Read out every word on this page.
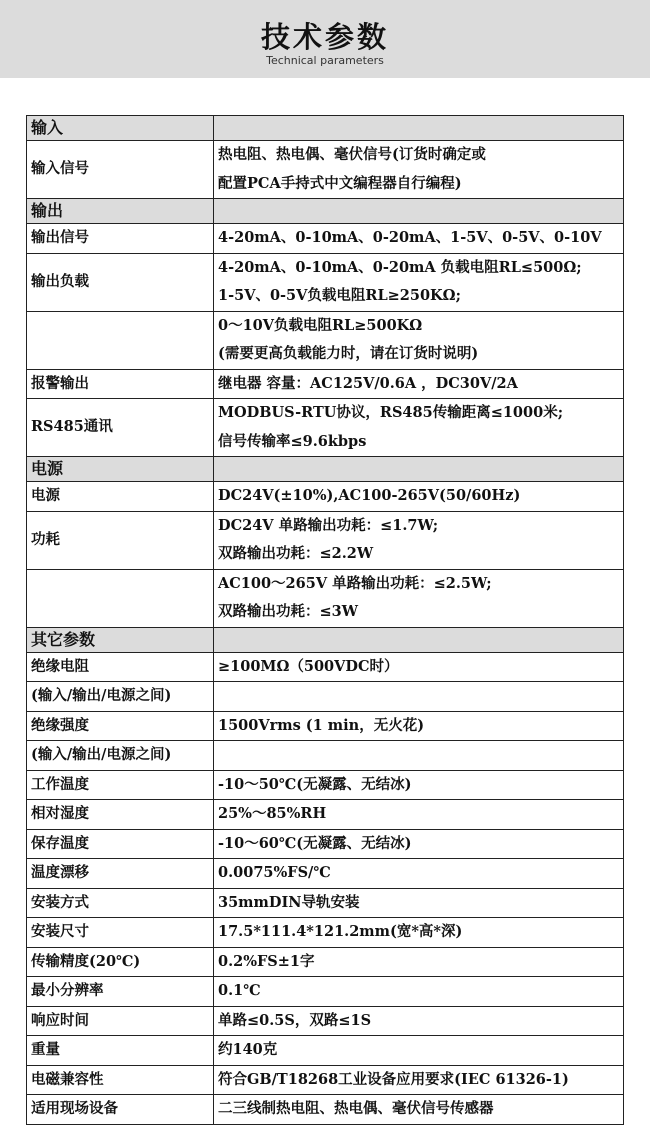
技术参数
Technical parameters
输入	
输入信号	热电阻、热电偶、毫伏信号(订货时确定或
配置PCA手持式中文编程器自行编程)

输出	
输出信号	4-20mA、0-10mA、0-20mA、1-5V、0-5V、0-10V

输出负载	4-20mA、0-10mA、0-20mA 负载电阻RL≤500Ω;
1-5V、0-5V负载电阻RL≥250KΩ;

	0～10V负载电阻RL≥500KΩ
(需要更高负载能力时，请在订货时说明)

报警输出	继电器 容量：AC125V/0.6A ，DC30V/2A

RS485通讯	MODBUS-RTU协议，RS485传输距离≤1000米;
信号传输率≤9.6kbps

电源	
电源	DC24V(±10%),AC100-265V(50/60Hz)

功耗	DC24V 单路输出功耗：≤1.7W;
双路输出功耗：≤2.2W

	AC100～265V 单路输出功耗：≤2.5W;
双路输出功耗：≤3W

其它参数	
绝缘电阻	≥100MΩ（500VDC时）

(输入/输出/电源之间)	

绝缘强度	1500Vrms (1 min，无火花)

(输入/输出/电源之间)	

工作温度	-10～50℃(无凝露、无结冰)

相对湿度	25%～85%RH

保存温度	-10～60℃(无凝露、无结冰)

温度漂移	0.0075%FS/℃

安装方式	35mmDIN导轨安装

安装尺寸	17.5*111.4*121.2mm(宽*高*深)

传输精度(20℃)	0.2%FS±1字

最小分辨率	0.1℃

响应时间	单路≤0.5S，双路≤1S

重量	约140克

电磁兼容性	符合GB/T18268工业设备应用要求(IEC 61326-1)

适用现场设备	二三线制热电阻、热电偶、毫伏信号传感器
